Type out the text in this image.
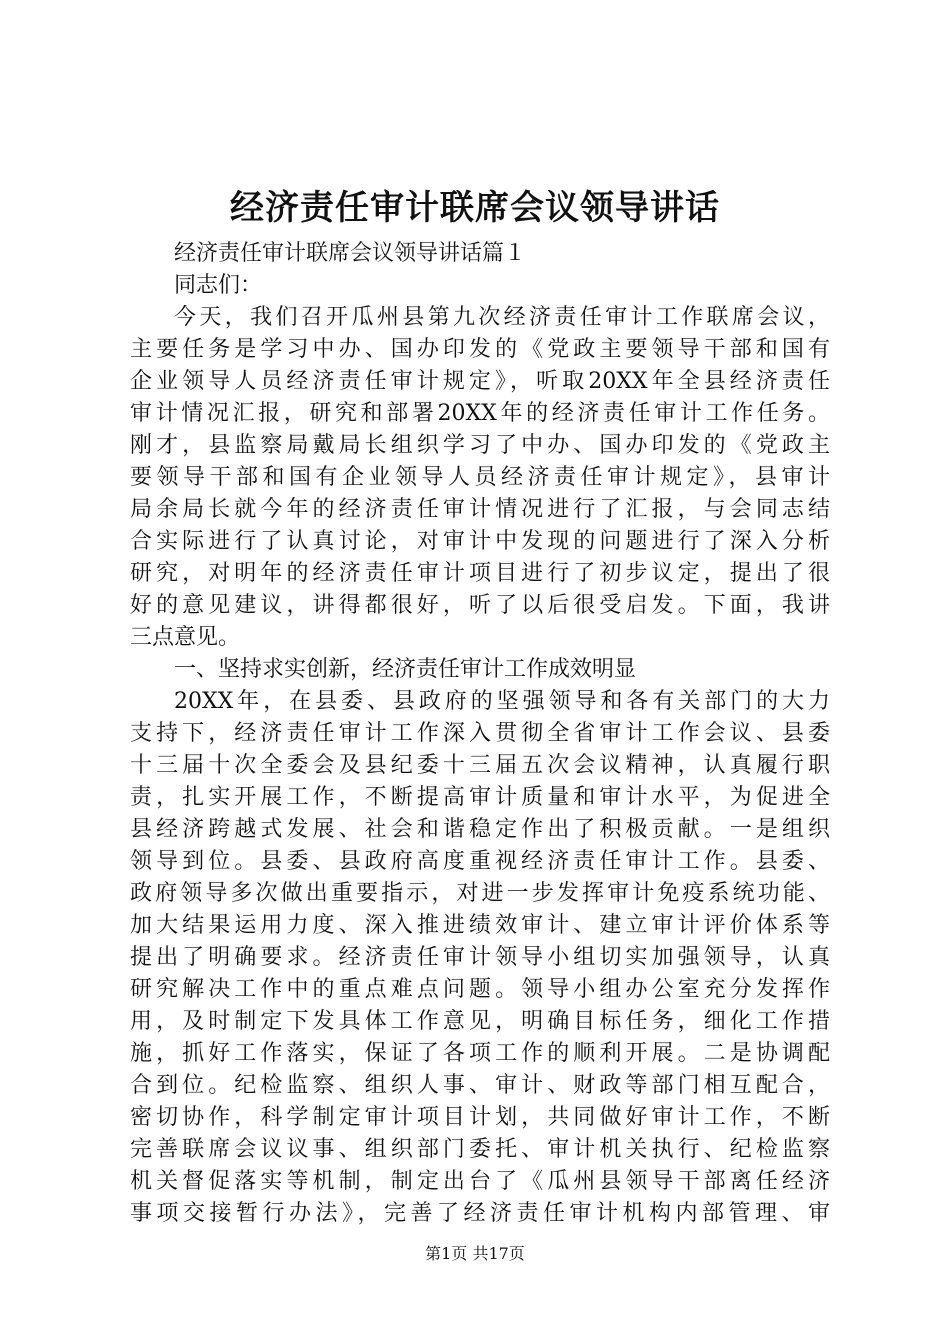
经济责任审计联席会议领导讲话
经济责任审计联席会议领导讲话篇１
同志们：
今天，我们召开瓜州县第九次经济责任审计工作联席会议，
主要任务是学习中办、国办印发的《党政主要领导干部和国有
企业领导人员经济责任审计规定》，听取20XX年全县经济责任
审计情况汇报，研究和部署20XX年的经济责任审计工作任务。
刚才，县监察局戴局长组织学习了中办、国办印发的《党政主
要领导干部和国有企业领导人员经济责任审计规定》，县审计
局余局长就今年的经济责任审计情况进行了汇报，与会同志结
合实际进行了认真讨论，对审计中发现的问题进行了深入分析
研究，对明年的经济责任审计项目进行了初步议定，提出了很
好的意见建议，讲得都很好，听了以后很受启发。下面，我讲
三点意见。
一、坚持求实创新，经济责任审计工作成效明显
20XX年，在县委、县政府的坚强领导和各有关部门的大力
支持下，经济责任审计工作深入贯彻全省审计工作会议、县委
十三届十次全委会及县纪委十三届五次会议精神，认真履行职
责，扎实开展工作，不断提高审计质量和审计水平，为促进全
县经济跨越式发展、社会和谐稳定作出了积极贡献。一是组织
领导到位。县委、县政府高度重视经济责任审计工作。县委、
政府领导多次做出重要指示，对进一步发挥审计免疫系统功能、
加大结果运用力度、深入推进绩效审计、建立审计评价体系等
提出了明确要求。经济责任审计领导小组切实加强领导，认真
研究解决工作中的重点难点问题。领导小组办公室充分发挥作
用，及时制定下发具体工作意见，明确目标任务，细化工作措
施，抓好工作落实，保证了各项工作的顺利开展。二是协调配
合到位。纪检监察、组织人事、审计、财政等部门相互配合，
密切协作，科学制定审计项目计划，共同做好审计工作，不断
完善联席会议议事、组织部门委托、审计机关执行、纪检监察
机关督促落实等机制，制定出台了《瓜州县领导干部离任经济
事项交接暂行办法》，完善了经济责任审计机构内部管理、审
第1页 共17页
